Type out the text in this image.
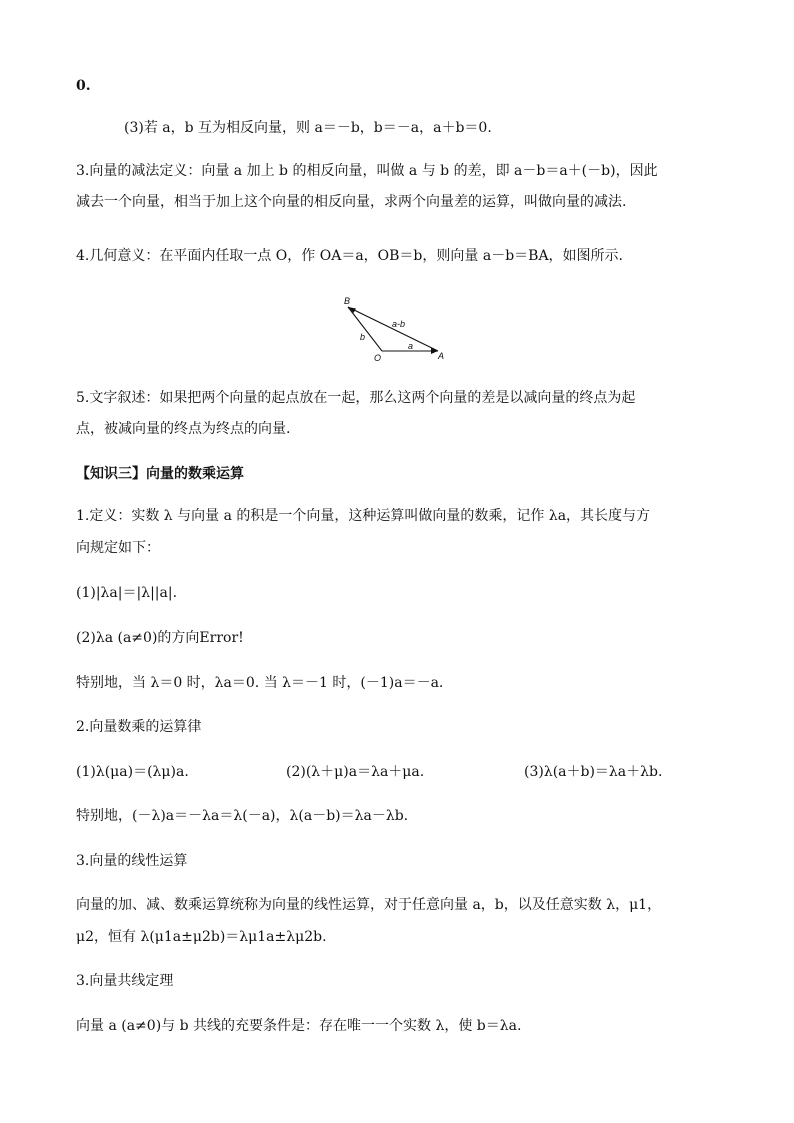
0.
(3)若 a，b 互为相反向量，则 a＝－b，b＝－a，a＋b＝0.
3.向量的减法定义：向量 a 加上 b 的相反向量，叫做 a 与 b 的差，即 a－b＝a＋(－b)，因此
减去一个向量，相当于加上这个向量的相反向量，求两个向量差的运算，叫做向量的减法.
4.几何意义：在平面内任取一点 O，作 OA＝a，OB＝b，则向量 a－b＝BA，如图所示.
B
O	A
a
b
a-b
5.文字叙述：如果把两个向量的起点放在一起，那么这两个向量的差是以减向量的终点为起
点，被减向量的终点为终点的向量.
【知识三】向量的数乘运算
1.定义：实数 λ 与向量 a 的积是一个向量，这种运算叫做向量的数乘，记作 λa，其长度与方
向规定如下：
(1)|λa|＝|λ||a|.
(2)λa (a≠0)的方向Error!
特别地，当 λ＝0 时，λa＝0. 当 λ＝－1 时，(－1)a＝－a.
2.向量数乘的运算律
(1)λ(μa)＝(λμ)a.	(2)(λ＋μ)a＝λa＋μa.	(3)λ(a＋b)＝λa＋λb.
特别地，(－λ)a＝－λa＝λ(－a)，λ(a－b)＝λa－λb.
3.向量的线性运算
向量的加、减、数乘运算统称为向量的线性运算，对于任意向量 a，b，以及任意实数 λ，μ1，
μ2，恒有 λ(μ1a±μ2b)＝λμ1a±λμ2b.
3.向量共线定理
向量 a (a≠0)与 b 共线的充要条件是：存在唯一一个实数 λ，使 b＝λa.
